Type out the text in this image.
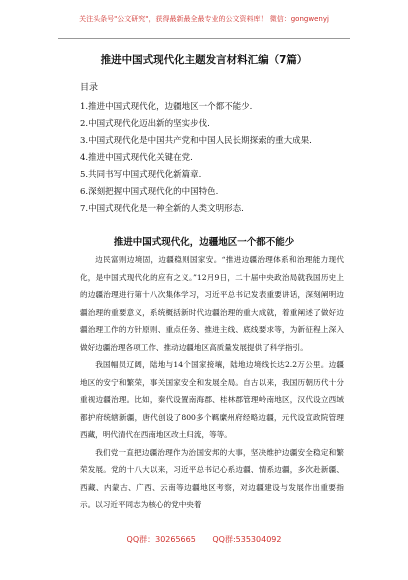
关注头条号"公文研究"，获得最新最全最专业的公文资料库！ 微信：gongwenyj
推进中国式现代化主题发言材料汇编（7篇）
目录
1.推进中国式现代化，边疆地区一个都不能少.
2.中国式现代化迈出新的坚实步伐.
3.中国式现代化是中国共产党和中国人民长期探索的重大成果.
4.推进中国式现代化关键在党.
5.共同书写中国式现代化新篇章.
6.深刻把握中国式现代化的中国特色.
7.中国式现代化是一种全新的人类文明形态.
推进中国式现代化，边疆地区一个都不能少

边民富则边境固，边疆稳则国家安。“推进边疆治理体系和治理能力现代化，是中国式现代化的应有之义。”12月9日，二十届中央政治局就我国历史上的边疆治理进行第十八次集体学习，习近平总书记发表重要讲话，深刻阐明边疆治理的重要意义，系统概括新时代边疆治理的重大成就，着重阐述了做好边疆治理工作的方针原则、重点任务、推进主线、底线要求等，为新征程上深入做好边疆治理各项工作、推动边疆地区高质量发展提供了科学指引。

我国幅员辽阔，陆地与14个国家接壤，陆地边境线长达2.2万公里。边疆地区的安宁和繁荣，事关国家安全和发展全局。自古以来，我国历朝历代十分重视边疆治理。比如，秦代设置南海郡、桂林郡管理岭南地区，汉代设立西域都护府统辖新疆，唐代创设了800多个羁縻州府经略边疆，元代设宣政院管理西藏，明代清代在西南地区改土归流，等等。

我们党一直把边疆治理作为治国安邦的大事，坚决维护边疆安全稳定和繁荣发展。党的十八大以来，习近平总书记心系边疆、情系边疆，多次赴新疆、西藏、内蒙古、广西、云南等边疆地区考察，对边疆建设与发展作出重要指示。以习近平同志为核心的党中央着

QQ群：30265665 QQ群:535304092
